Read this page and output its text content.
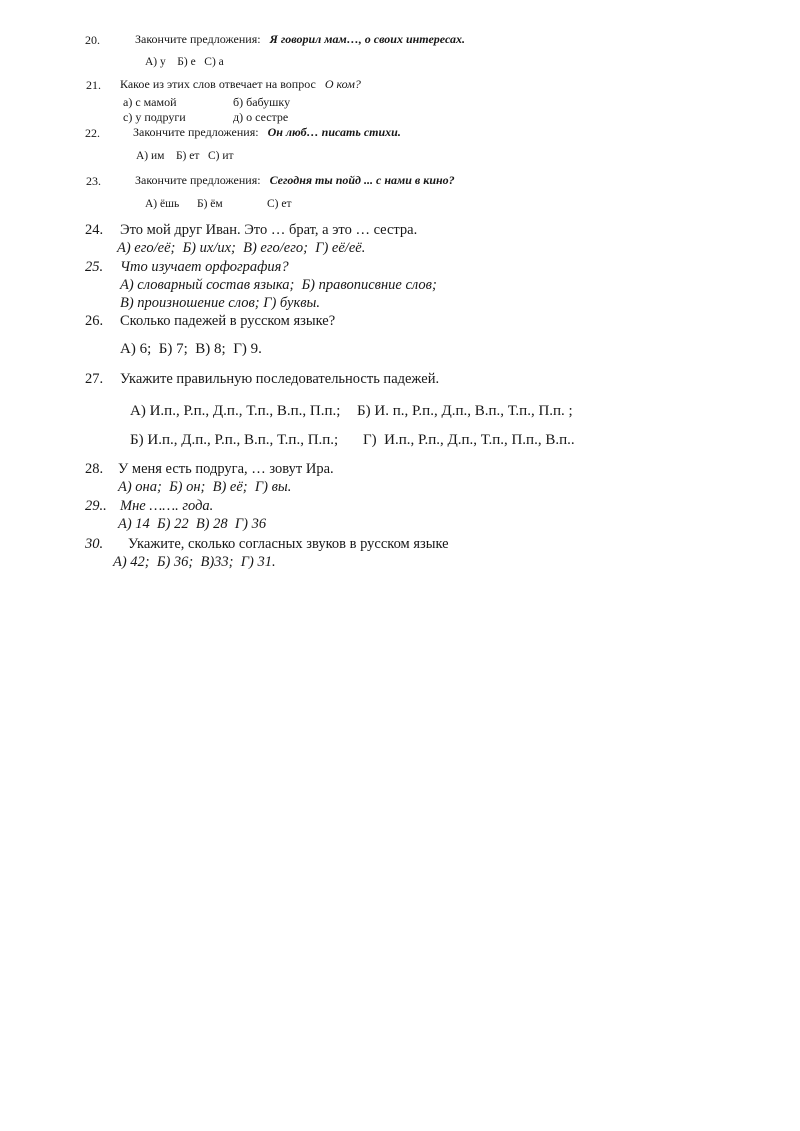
20.	Закончите предложения: Я говорил мам…, о своих интересах.
А) у    Б) е   С) а
21. Какое из этих слов отвечает на вопрос О ком?
а) с мамой	б) бабушку
с) у подруги	д) о сестре
22.	Закончите предложения: Он люб… писать стихи.
А) им    Б) ет   С) ит
23.	Закончите предложения: Сегодня ты пойд ... с нами в кино?
А) ёшь Б) ём	С) ет
24. Это мой друг Иван. Это … брат, а это … сестра.
А) его/её;  Б) их/их;  В) его/его;  Г) её/её.
25. Что изучает орфография?
А) словарный состав языка;  Б) правописвние слов;
В) произношение слов; Г) буквы.
26. Сколько падежей в русском языке?
А) 6;  Б) 7;  В) 8;  Г) 9.
27. Укажите правильную последовательность падежей.
А) И.п., Р.п., Д.п., Т.п., В.п., П.п.; Б) И. п., Р.п., Д.п., В.п., Т.п., П.п. ;
Б) И.п., Д.п., Р.п., В.п., Т.п., П.п.; Г)  И.п., Р.п., Д.п., Т.п., П.п., В.п..
28. У меня есть подруга, … зовут Ира.
А) она;  Б) он;  В) её;  Г) вы.
29.. Мне ……. года.
А) 14  Б) 22  В) 28  Г) 36
30. Укажите, сколько согласных звуков в русском языке
А) 42;  Б) 36;  В)33;  Г) 31.
